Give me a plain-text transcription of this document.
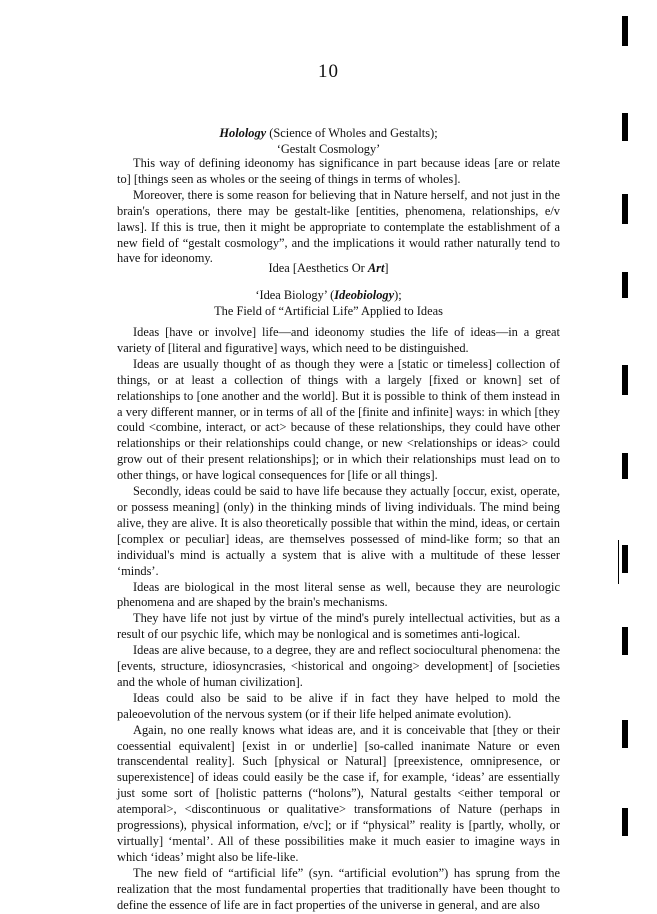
10
Holology (Science of Wholes and Gestalts);
‘Gestalt Cosmology’

This way of defining ideonomy has significance in part because ideas [are or relate to] [things seen as wholes or the seeing of things in terms of wholes].

Moreover, there is some reason for believing that in Nature herself, and not just in the brain's operations, there may be gestalt-like [entities, phenomena, relationships, e/v laws]. If this is true, then it might be appropriate to contemplate the establishment of a new field of “gestalt cosmology”, and the implications it would rather naturally tend to have for ideonomy.

Idea [Aesthetics Or Art]
‘Idea Biology’ (Ideobiology);
The Field of “Artificial Life” Applied to Ideas

Ideas [have or involve] life—and ideonomy studies the life of ideas—in a great variety of [literal and figurative] ways, which need to be distinguished.

Ideas are usually thought of as though they were a [static or timeless] collection of things, or at least a collection of things with a largely [fixed or known] set of relationships to [one another and the world]. But it is possible to think of them instead in a very different manner, or in terms of all of the [finite and infinite] ways: in which [they could <combine, interact, or act> because of these relationships, they could have other relationships or their relationships could change, or new <relationships or ideas> could grow out of their present relationships]; or in which their relationships must lead on to other things, or have logical consequences for [life or all things].

Secondly, ideas could be said to have life because they actually [occur, exist, operate, or possess meaning] (only) in the thinking minds of living individuals. The mind being alive, they are alive. It is also theoretically possible that within the mind, ideas, or certain [complex or peculiar] ideas, are themselves possessed of mind-like form; so that an individual's mind is actually a system that is alive with a multitude of these lesser ‘minds’.

Ideas are biological in the most literal sense as well, because they are neurologic phenomena and are shaped by the brain's mechanisms.

They have life not just by virtue of the mind's purely intellectual activities, but as a result of our psychic life, which may be nonlogical and is sometimes anti-logical.

Ideas are alive because, to a degree, they are and reflect sociocultural phenomena: the [events, structure, idiosyncrasies, <historical and ongoing> development] of [societies and the whole of human civilization].

Ideas could also be said to be alive if in fact they have helped to mold the paleoevolution of the nervous system (or if their life helped animate evolution).

Again, no one really knows what ideas are, and it is conceivable that [they or their coessential equivalent] [exist in or underlie] [so-called inanimate Nature or even transcendental reality]. Such [physical or Natural] [preexistence, omnipresence, or superexistence] of ideas could easily be the case if, for example, ‘ideas’ are essentially just some sort of [holistic patterns (“holons”), Natural gestalts <either temporal or atemporal>, <discontinuous or qualitative> transformations of Nature (perhaps in progressions), physical information, e/vc]; or if “physical” reality is [partly, wholly, or virtually] ‘mental’. All of these possibilities make it much easier to imagine ways in which ‘ideas’ might also be life-like.

The new field of “artificial life” (syn. “artificial evolution”) has sprung from the realization that the most fundamental properties that traditionally have been thought to define the essence of life are in fact properties of the universe in general, and are also
